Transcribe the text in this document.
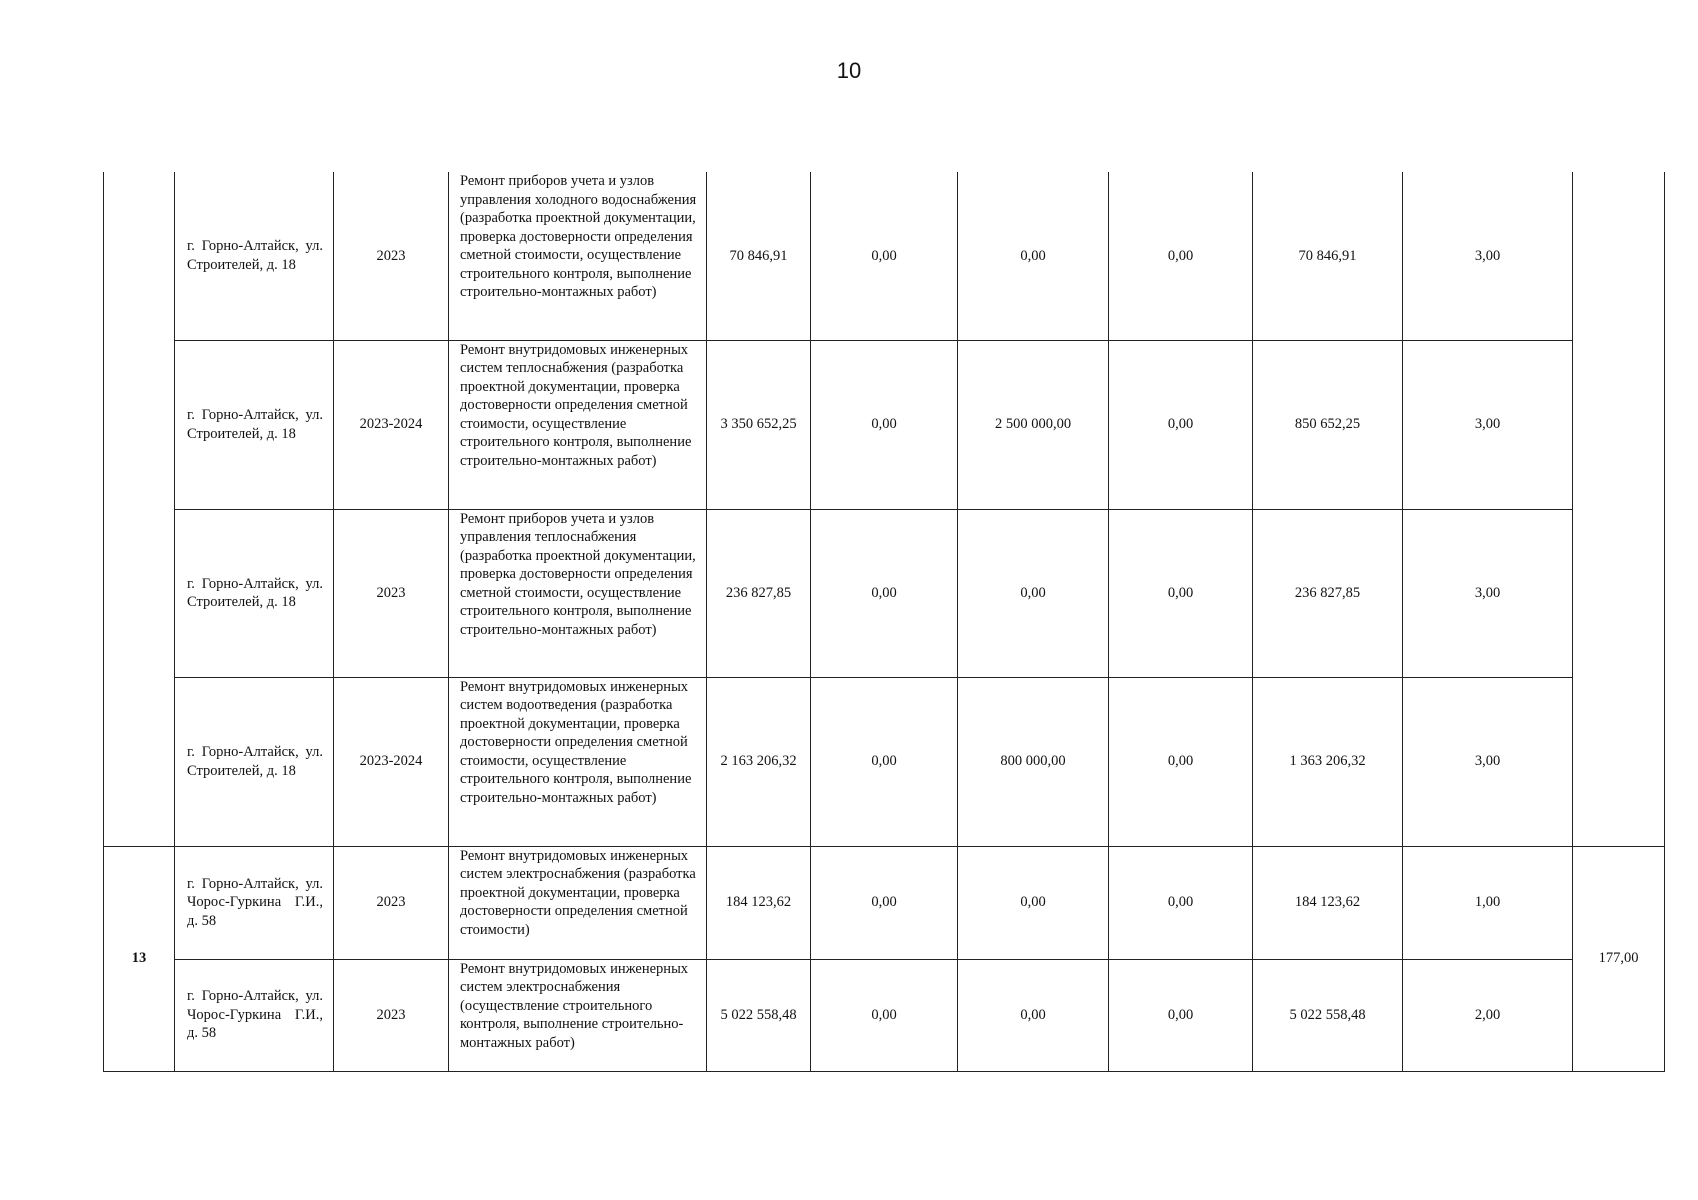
10
	г. Горно-Алтайск, ул. Строителей, д. 18	2023	Ремонт приборов учета и узлов управления холодного водоснабжения (разработка проектной документации, проверка достоверности определения сметной стоимости, осуществление строительного контроля, выполнение строительно-монтажных работ)	70 846,91	0,00	0,00	0,00	70 846,91	3,00	
	г. Горно-Алтайск, ул. Строителей, д. 18	2023-2024	Ремонт внутридомовых инженерных систем теплоснабжения (разработка проектной документации, проверка достоверности определения сметной стоимости, осуществление строительного контроля, выполнение строительно-монтажных работ)	3 350 652,25	0,00	2 500 000,00	0,00	850 652,25	3,00	
	г. Горно-Алтайск, ул. Строителей, д. 18	2023	Ремонт приборов учета и узлов управления теплоснабжения (разработка проектной документации, проверка достоверности определения сметной стоимости, осуществление строительного контроля, выполнение строительно-монтажных работ)	236 827,85	0,00	0,00	0,00	236 827,85	3,00	
	г. Горно-Алтайск, ул. Строителей, д. 18	2023-2024	Ремонт внутридомовых инженерных систем водоотведения (разработка проектной документации, проверка достоверности определения сметной стоимости, осуществление строительного контроля, выполнение строительно-монтажных работ)	2 163 206,32	0,00	800 000,00	0,00	1 363 206,32	3,00	
13	г. Горно-Алтайск, ул. Чорос-Гуркина Г.И., д. 58	2023	Ремонт внутридомовых инженерных систем электроснабжения (разработка проектной документации, проверка достоверности определения сметной стоимости)	184 123,62	0,00	0,00	0,00	184 123,62	1,00	177,00
	г. Горно-Алтайск, ул. Чорос-Гуркина Г.И., д. 58	2023	Ремонт внутридомовых инженерных систем электроснабжения (осуществление строительного контроля, выполнение строительно-монтажных работ)	5 022 558,48	0,00	0,00	0,00	5 022 558,48	2,00	
